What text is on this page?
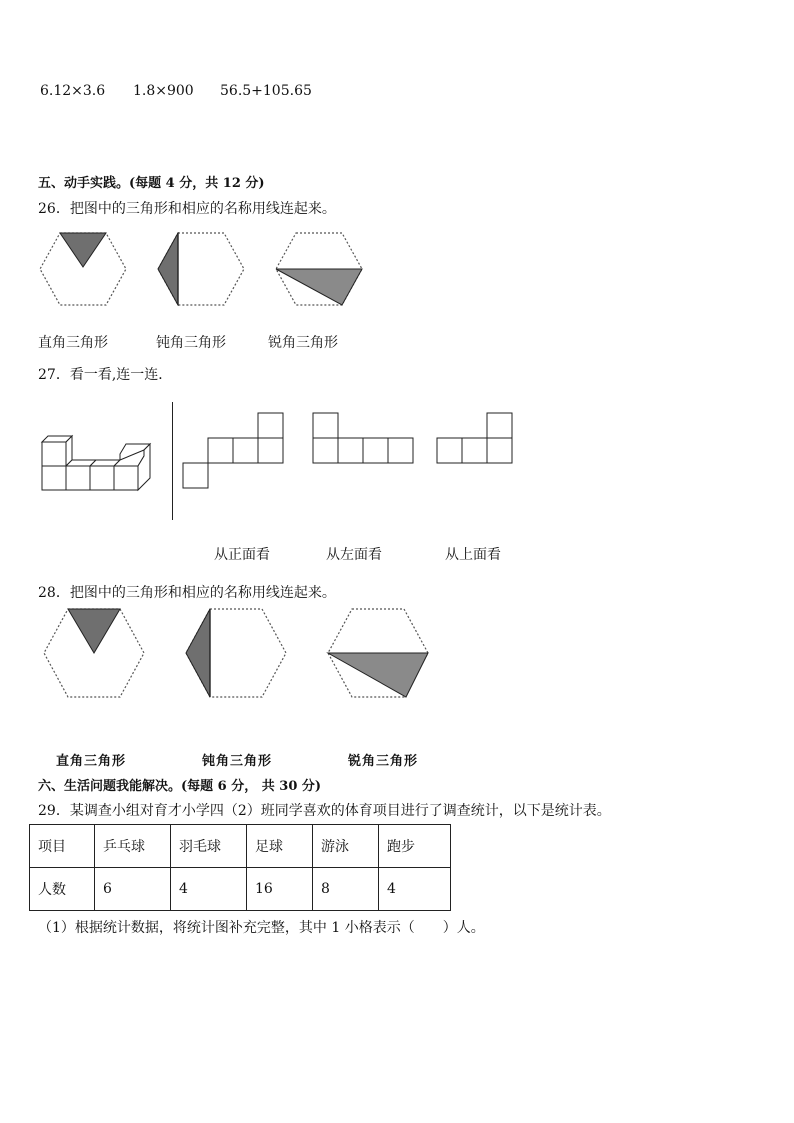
6.12×3.6 1.8×900 56.5+105.65
五、动手实践。(每题 4 分，共 12 分)
26．把图中的三角形和相应的名称用线连起来。
直角三角形	钝角三角形	锐角三角形
27．看一看,连一连．
从正面看	从左面看	从上面看
28．把图中的三角形和相应的名称用线连起来。
直角三角形	钝角三角形	锐角三角形
六、生活问题我能解决。(每题 6 分， 共 30 分)
29．某调查小组对育才小学四（2）班同学喜欢的体育项目进行了调查统计，以下是统计表。
项目	乒乓球	羽毛球	足球	游泳	跑步
人数	6	4	16	8	4
（1）根据统计数据，将统计图补充完整，其中 1 小格表示（　　）人。
